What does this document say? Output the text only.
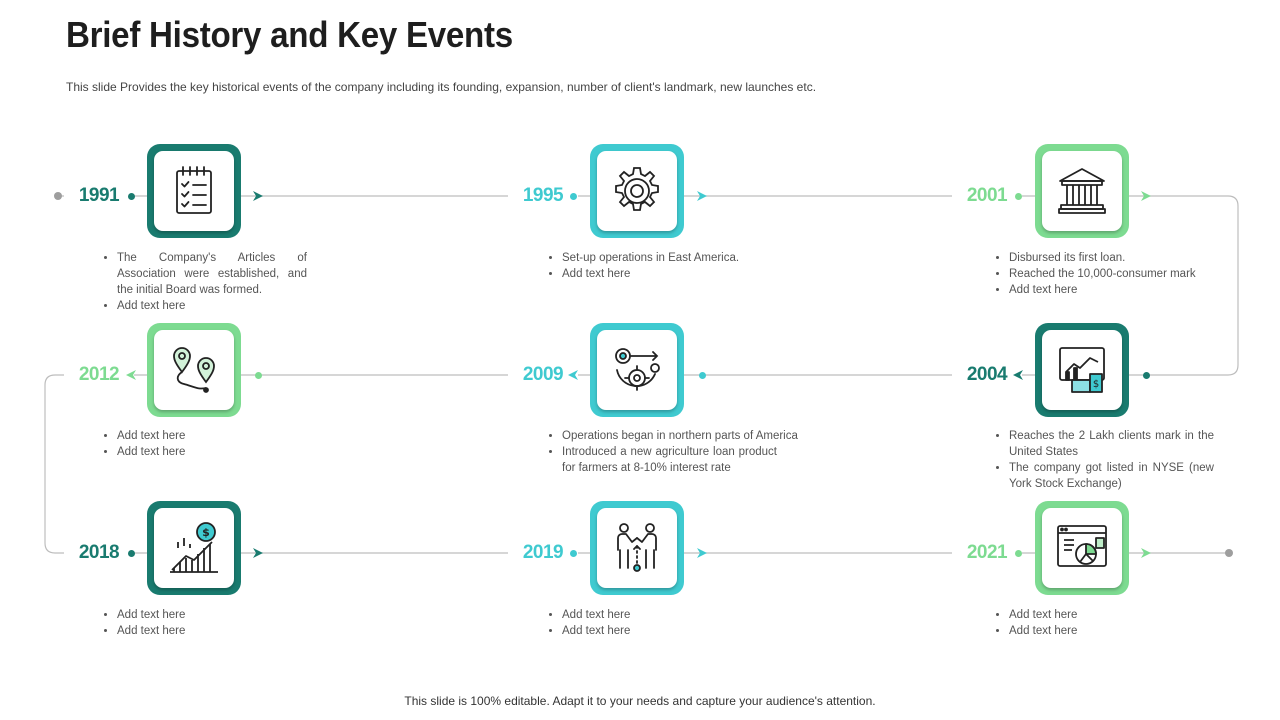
Brief History and Key Events
This slide Provides the key historical events of the company including its founding, expansion, number of client's landmark, new launches etc.
1991
• The Company's Articles of Association were established, and the initial Board was formed.
• Add text here
1995
• Set-up operations in East America.
• Add text here
2001
• Disbursed its first loan.
• Reached the 10,000-consumer mark
• Add text here
2012
• Add text here
• Add text here
2009
• Operations began in northern parts of America
• Introduced a new agriculture loan product for farmers at 8-10% interest rate
2004	$
• Reaches the 2 Lakh clients mark in the United States
• The company got listed in NYSE (new York Stock Exchange)
2018
$
• Add text here
• Add text here
2019
• Add text here
• Add text here
2021
• Add text here
• Add text here
This slide is 100% editable. Adapt it to your needs and capture your audience's attention.
